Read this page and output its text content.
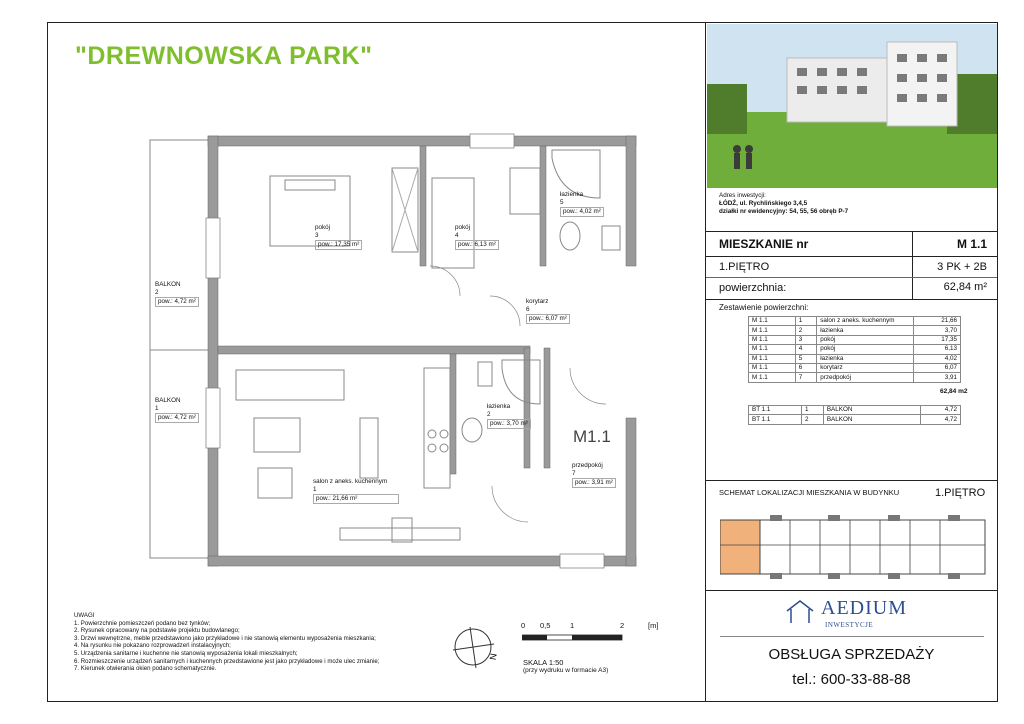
"DREWNOWSKA PARK"
pokój
3
pow.: 17,35 m²
pokój
4
pow.: 6,13 m²
łazienka
5
pow.: 4,02 m²
korytarz
6
pow.: 6,07 m²
łazienka
2
pow.: 3,70 m²
M1.1
przedpokój
7
pow.: 3,91 m²
salon z aneks. kuchennym
1
pow.: 21,66 m²
BALKON
2
pow.: 4,72 m²
BALKON
1
pow.: 4,72 m²
Adres inwestycji:
ŁÓDŹ, ul. Rychlińskiego 3,4,5
działki nr ewidencyjny: 54, 55, 56 obręb P-7
MIESZKANIE nr	M 1.1
1.PIĘTRO	3 PK + 2B
powierzchnia:	62,84 m²
Zestawienie powierzchni:
M 1.1	1	salon z aneks. kuchennym	21,66
M 1.1	2	łazienka	3,70
M 1.1	3	pokój	17,35
M 1.1	4	pokój	6,13
M 1.1	5	łazienka	4,02
M 1.1	6	korytarz	6,07
M 1.1	7	przedpokój	3,91
62,84 m2
BT 1.1	1	BALKON	4,72
BT 1.1	2	BALKON	4,72
SCHEMAT LOKALIZACJI MIESZKANIA W BUDYNKU	1.PIĘTRO
AEDIUM
INWESTYCJE
OBSŁUGA SPRZEDAŻY
tel.: 600-33-88-88
UWAGI
1. Powierzchnie pomieszczeń podano bez tynków;
2. Rysunek opracowany na podstawie projektu budowlanego;
3. Drzwi wewnętrzne, meble przedstawiono jako przykładowe i nie stanowią elementu wyposażenia mieszkania;
4. Na rysunku nie pokazano rozprowadzeń instalacyjnych;
5. Urządzenia sanitarne i kuchenne nie stanowią wyposażenia lokali mieszkalnych;
6. Rozmieszczenie urządzeń sanitarnych i kuchennych przedstawione jest jako przykładowe i może ulec zmianie;
7. Kierunek otwierania okien podano schematycznie.
N
0 0,5	1	2	[m]
SKALA 1:50
(przy wydruku w formacie A3)
